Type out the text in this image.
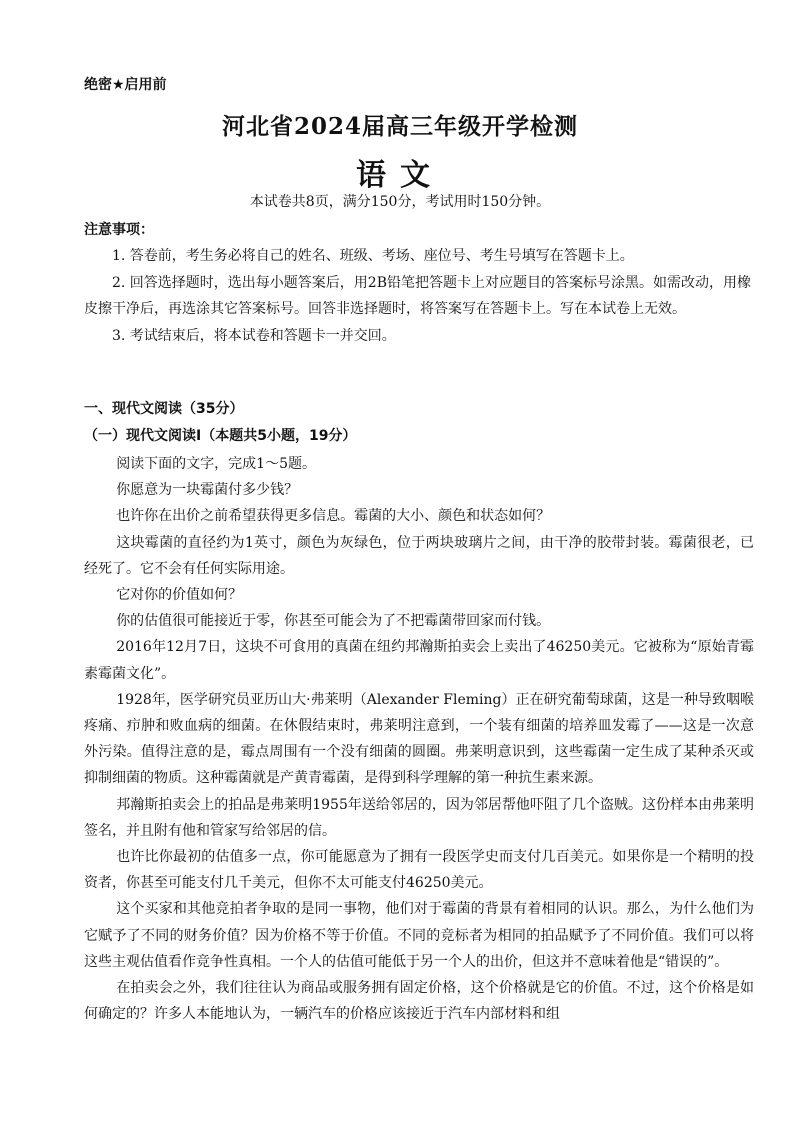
绝密★启用前
河北省2024届高三年级开学检测
语文
本试卷共8页，满分150分，考试用时150分钟。
注意事项：

1. 答卷前，考生务必将自己的姓名、班级、考场、座位号、考生号填写在答题卡上。

2. 回答选择题时，选出每小题答案后，用2B铅笔把答题卡上对应题目的答案标号涂黑。如需改动，用橡皮擦干净后，再选涂其它答案标号。回答非选择题时，将答案写在答题卡上。写在本试卷上无效。

3. 考试结束后，将本试卷和答题卡一并交回。

一、现代文阅读（35分）
（一）现代文阅读Ⅰ（本题共5小题，19分）

阅读下面的文字，完成1～5题。

你愿意为一块霉菌付多少钱？

也许你在出价之前希望获得更多信息。霉菌的大小、颜色和状态如何？

这块霉菌的直径约为1英寸，颜色为灰绿色，位于两块玻璃片之间，由干净的胶带封装。霉菌很老，已经死了。它不会有任何实际用途。

它对你的价值如何？

你的估值很可能接近于零，你甚至可能会为了不把霉菌带回家而付钱。

2016年12月7日，这块不可食用的真菌在纽约邦瀚斯拍卖会上卖出了46250美元。它被称为“原始青霉素霉菌文化”。

1928年，医学研究员亚历山大·弗莱明（Alexander Fleming）正在研究葡萄球菌，这是一种导致咽喉疼痛、疖肿和败血病的细菌。在休假结束时，弗莱明注意到，一个装有细菌的培养皿发霉了——这是一次意外污染。值得注意的是，霉点周围有一个没有细菌的圆圈。弗莱明意识到，这些霉菌一定生成了某种杀灭或抑制细菌的物质。这种霉菌就是产黄青霉菌，是得到科学理解的第一种抗生素来源。

邦瀚斯拍卖会上的拍品是弗莱明1955年送给邻居的，因为邻居帮他吓阻了几个盗贼。这份样本由弗莱明签名，并且附有他和管家写给邻居的信。

也许比你最初的估值多一点，你可能愿意为了拥有一段医学史而支付几百美元。如果你是一个精明的投资者，你甚至可能支付几千美元，但你不太可能支付46250美元。

这个买家和其他竞拍者争取的是同一事物，他们对于霉菌的背景有着相同的认识。那么，为什么他们为它赋予了不同的财务价值？因为价格不等于价值。不同的竞标者为相同的拍品赋予了不同价值。我们可以将这些主观估值看作竞争性真相。一个人的估值可能低于另一个人的出价，但这并不意味着他是“错误的”。

在拍卖会之外，我们往往认为商品或服务拥有固定价格，这个价格就是它的价值。不过，这个价格是如何确定的？许多人本能地认为，一辆汽车的价格应该接近于汽车内部材料和组
